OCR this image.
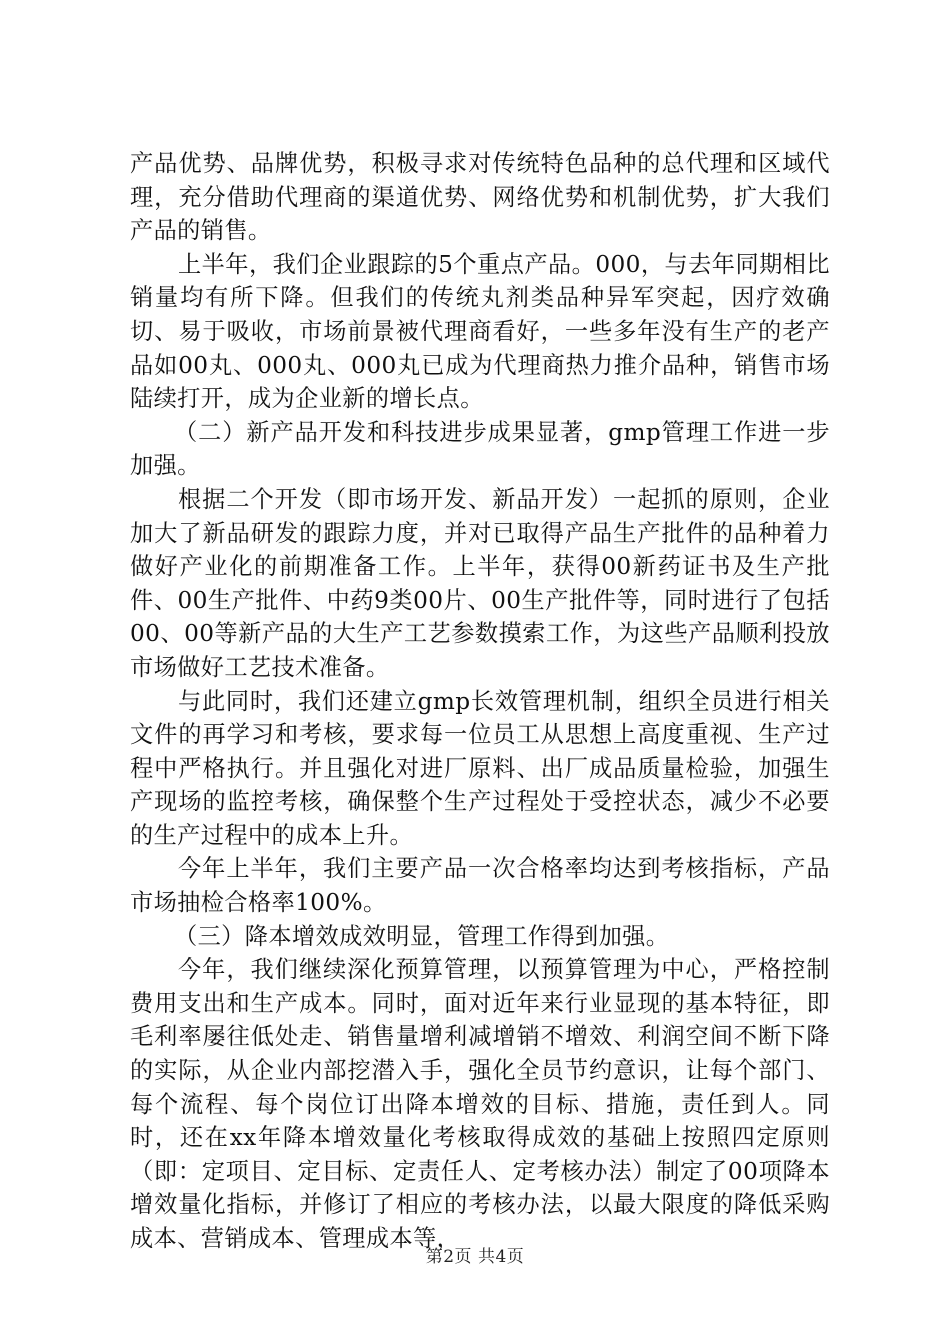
产品优势、品牌优势，积极寻求对传统特色品种的总代理和区域代理，充分借助代理商的渠道优势、网络优势和机制优势，扩大我们产品的销售。

上半年，我们企业跟踪的5个重点产品。000，与去年同期相比销量均有所下降。但我们的传统丸剂类品种异军突起，因疗效确切、易于吸收，市场前景被代理商看好，一些多年没有生产的老产品如00丸、000丸、000丸已成为代理商热力推介品种，销售市场陆续打开，成为企业新的增长点。

（二）新产品开发和科技进步成果显著，gmp管理工作进一步加强。

根据二个开发（即市场开发、新品开发）一起抓的原则，企业加大了新品研发的跟踪力度，并对已取得产品生产批件的品种着力做好产业化的前期准备工作。上半年，获得00新药证书及生产批件、00生产批件、中药9类00片、00生产批件等，同时进行了包括00、00等新产品的大生产工艺参数摸索工作，为这些产品顺利投放市场做好工艺技术准备。

与此同时，我们还建立gmp长效管理机制，组织全员进行相关文件的再学习和考核，要求每一位员工从思想上高度重视、生产过程中严格执行。并且强化对进厂原料、出厂成品质量检验，加强生产现场的监控考核，确保整个生产过程处于受控状态，减少不必要的生产过程中的成本上升。

今年上半年，我们主要产品一次合格率均达到考核指标，产品市场抽检合格率100%。

（三）降本增效成效明显，管理工作得到加强。

今年，我们继续深化预算管理，以预算管理为中心，严格控制费用支出和生产成本。同时，面对近年来行业显现的基本特征，即毛利率屡往低处走、销售量增利减增销不增效、利润空间不断下降的实际，从企业内部挖潜入手，强化全员节约意识，让每个部门、每个流程、每个岗位订出降本增效的目标、措施，责任到人。同时，还在xx年降本增效量化考核取得成效的基础上按照四定原则（即：定项目、定目标、定责任人、定考核办法）制定了00项降本增效量化指标，并修订了相应的考核办法，以最大限度的降低采购成本、营销成本、管理成本等，

第2页 共4页
